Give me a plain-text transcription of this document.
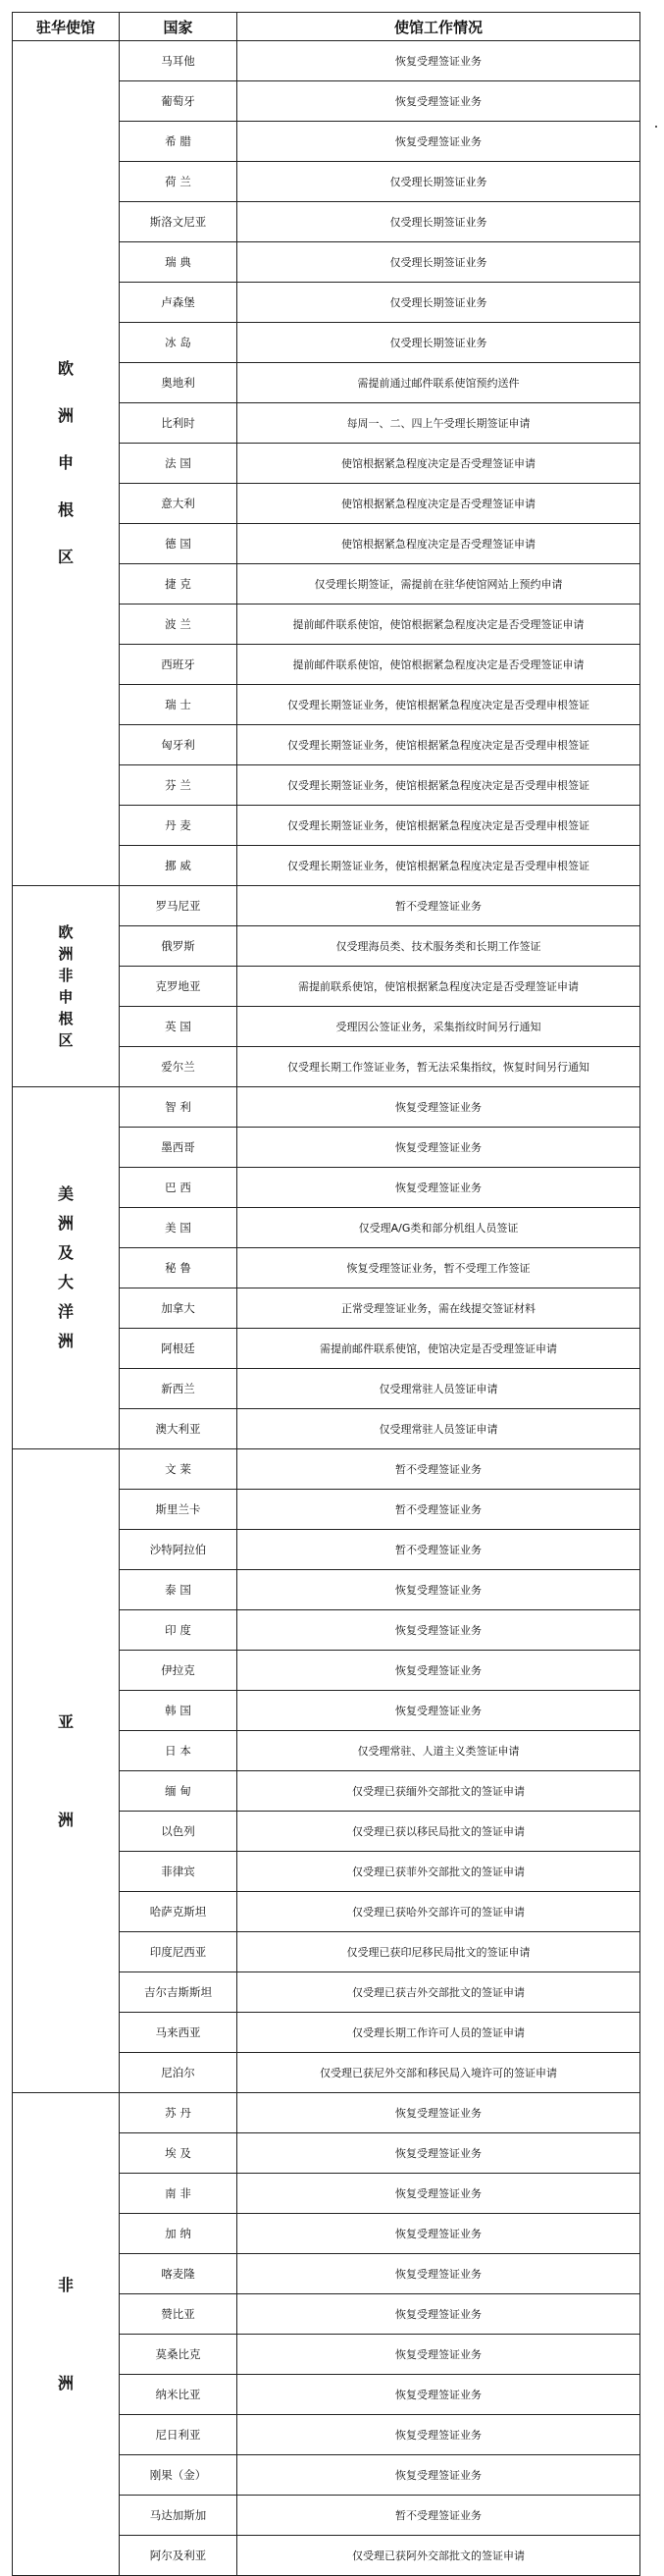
驻华使馆	国家	使馆工作情况
欧洲申根区	马耳他	恢复受理签证业务
	葡萄牙	恢复受理签证业务
	希 腊	恢复受理签证业务
	荷 兰	仅受理长期签证业务
	斯洛文尼亚	仅受理长期签证业务
	瑞 典	仅受理长期签证业务
	卢森堡	仅受理长期签证业务
	冰 岛	仅受理长期签证业务
	奥地利	需提前通过邮件联系使馆预约送件
	比利时	每周一、二、四上午受理长期签证申请
	法 国	使馆根据紧急程度决定是否受理签证申请
	意大利	使馆根据紧急程度决定是否受理签证申请
	德 国	使馆根据紧急程度决定是否受理签证申请
	捷 克	仅受理长期签证，需提前在驻华使馆网站上预约申请
	波 兰	提前邮件联系使馆，使馆根据紧急程度决定是否受理签证申请
	西班牙	提前邮件联系使馆，使馆根据紧急程度决定是否受理签证申请
	瑞 士	仅受理长期签证业务，使馆根据紧急程度决定是否受理申根签证
	匈牙利	仅受理长期签证业务，使馆根据紧急程度决定是否受理申根签证
	芬 兰	仅受理长期签证业务，使馆根据紧急程度决定是否受理申根签证
	丹 麦	仅受理长期签证业务，使馆根据紧急程度决定是否受理申根签证
	挪 威	仅受理长期签证业务，使馆根据紧急程度决定是否受理申根签证
欧洲非申根区	罗马尼亚	暂不受理签证业务
	俄罗斯	仅受理海员类、技术服务类和长期工作签证
	克罗地亚	需提前联系使馆，使馆根据紧急程度决定是否受理签证申请
	英 国	受理因公签证业务，采集指纹时间另行通知
	爱尔兰	仅受理长期工作签证业务，暂无法采集指纹，恢复时间另行通知
美洲及大洋洲	智 利	恢复受理签证业务
	墨西哥	恢复受理签证业务
	巴 西	恢复受理签证业务
	美 国	仅受理A/G类和部分机组人员签证
	秘 鲁	恢复受理签证业务，暂不受理工作签证
	加拿大	正常受理签证业务，需在线提交签证材料
	阿根廷	需提前邮件联系使馆，使馆决定是否受理签证申请
	新西兰	仅受理常驻人员签证申请
	澳大利亚	仅受理常驻人员签证申请
亚洲	文 莱	暂不受理签证业务
	斯里兰卡	暂不受理签证业务
	沙特阿拉伯	暂不受理签证业务
	泰 国	恢复受理签证业务
	印 度	恢复受理签证业务
	伊拉克	恢复受理签证业务
	韩 国	恢复受理签证业务
	日 本	仅受理常驻、人道主义类签证申请
	缅 甸	仅受理已获缅外交部批文的签证申请
	以色列	仅受理已获以移民局批文的签证申请
	菲律宾	仅受理已获菲外交部批文的签证申请
	哈萨克斯坦	仅受理已获哈外交部许可的签证申请
	印度尼西亚	仅受理已获印尼移民局批文的签证申请
	吉尔吉斯斯坦	仅受理已获吉外交部批文的签证申请
	马来西亚	仅受理长期工作许可人员的签证申请
	尼泊尔	仅受理已获尼外交部和移民局入境许可的签证申请
非洲	苏 丹	恢复受理签证业务
	埃 及	恢复受理签证业务
	南 非	恢复受理签证业务
	加 纳	恢复受理签证业务
	喀麦隆	恢复受理签证业务
	赞比亚	恢复受理签证业务
	莫桑比克	恢复受理签证业务
	纳米比亚	恢复受理签证业务
	尼日利亚	恢复受理签证业务
	刚果（金）	恢复受理签证业务
	马达加斯加	暂不受理签证业务
	阿尔及利亚	仅受理已获阿外交部批文的签证申请
